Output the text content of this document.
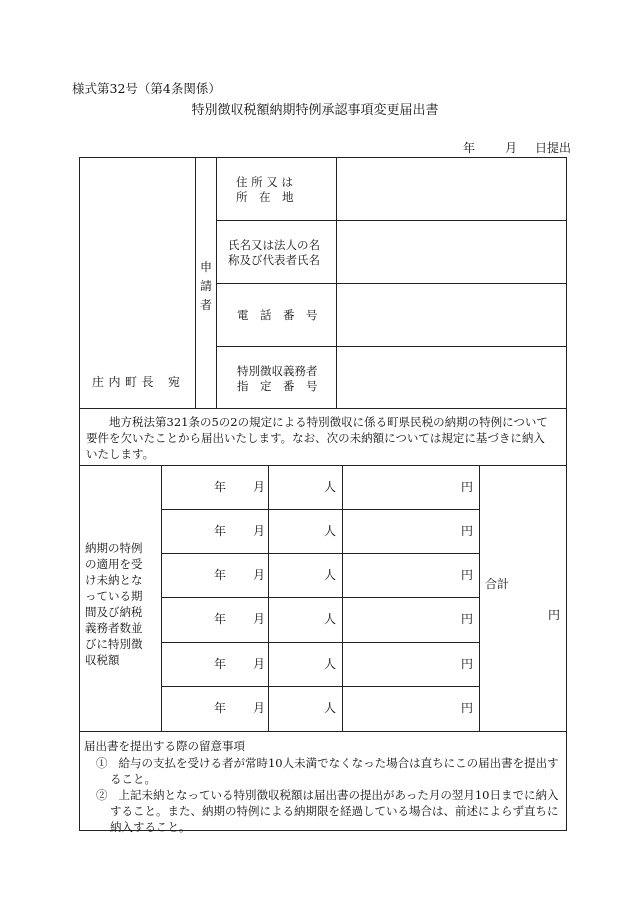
様式第32号（第4条関係）
特別徴収税額納期特例承認事項変更届出書
年 月 日提出
庄 内 町 長 宛
申
請
者
住 所 又 は
所　在　地
氏名又は法人の名
称及び代表者氏名
電　話　番　号
特別徴収義務者
指　定　番　号
地方税法第321条の5の2の規定による特別徴収に係る町県民税の納期の特例について要件を欠いたことから届出いたします。なお、次の未納額については規定に基づきに納入いたします。
納期の特例
の適用を受
け未納とな
っている期
間及び納税
義務者数並
びに特別徴
収税額
年 月	人	円
年 月	人	円
年 月	人	円
年 月	人	円
年 月	人	円
年 月	人	円
合計
円
届出書を提出する際の留意事項
① 給与の支払を受ける者が常時10人未満でなくなった場合は直ちにこの届出書を提出すること。
② 上記未納となっている特別徴収税額は届出書の提出があった月の翌月10日までに納入すること。また、納期の特例による納期限を経過している場合は、前述によらず直ちに納入すること。
